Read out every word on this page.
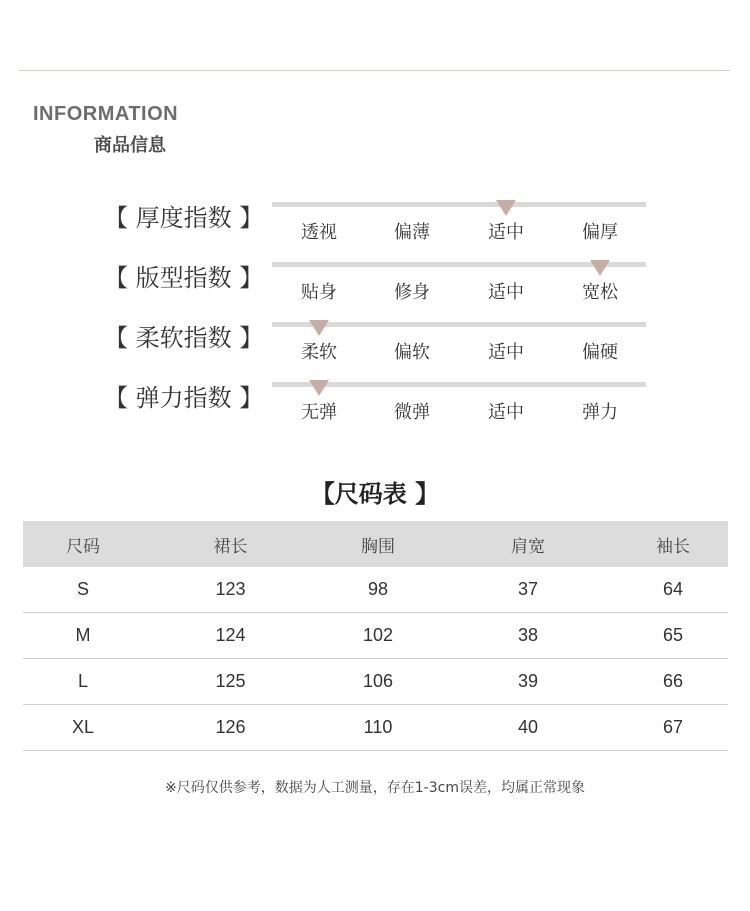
INFORMATION
商品信息
【 厚度指数 】
透视	偏薄	适中	偏厚
【 版型指数 】
贴身	修身	适中	宽松
【 柔软指数 】
柔软	偏软	适中	偏硬
【 弹力指数 】
无弹	微弹	适中	弹力
【尺码表 】
尺码	裙长	胸围	肩宽	袖长
S	123	98	37	64
M	124	102	38	65
L	125	106	39	66
XL	126	110	40	67
※尺码仅供参考，数据为人工测量，存在1-3cm误差，均属正常现象
